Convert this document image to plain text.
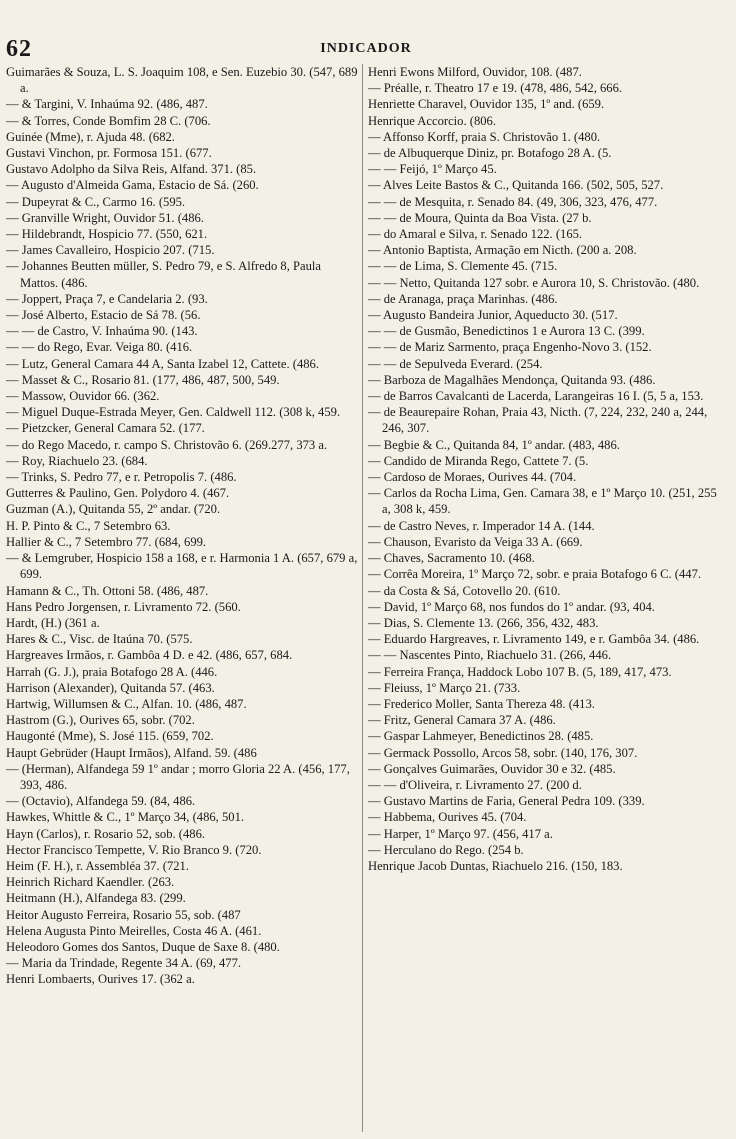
62	INDICADOR

Guimarães & Souza, L. S. Joaquim 108, e Sen. Euzebio 30. (547, 689 a.

— & Targini, V. Inhaúma 92. (486, 487.

— & Torres, Conde Bomfim 28 C. (706.

Guinée (Mme), r. Ajuda 48. (682.

Gustavi Vinchon, pr. Formosa 151. (677.

Gustavo Adolpho da Silva Reis, Alfand. 371. (85.

— Augusto d'Almeida Gama, Estacio de Sá. (260.

— Dupeyrat & C., Carmo 16. (595.

— Granville Wright, Ouvidor 51. (486.

— Hildebrandt, Hospicio 77. (550, 621.

— James Cavalleiro, Hospicio 207. (715.

— Johannes Beutten müller, S. Pedro 79, e S. Alfredo 8, Paula Mattos. (486.

— Joppert, Praça 7, e Candelaria 2. (93.

— José Alberto, Estacio de Sá 78. (56.

— — de Castro, V. Inhaúma 90. (143.

— — do Rego, Evar. Veiga 80. (416.

— Lutz, General Camara 44 A, Santa Izabel 12, Cattete. (486.

— Masset & C., Rosario 81. (177, 486, 487, 500, 549.

— Massow, Ouvidor 66. (362.

— Miguel Duque-Estrada Meyer, Gen. Caldwell 112. (308 k, 459.

— Pietzcker, General Camara 52. (177.

— do Rego Macedo, r. campo S. Christovão 6. (269.277, 373 a.

— Roy, Riachuelo 23. (684.

— Trinks, S. Pedro 77, e r. Petropolis 7. (486.

Gutterres & Paulino, Gen. Polydoro 4. (467.

Guzman (A.), Quitanda 55, 2º andar. (720.

H. P. Pinto & C., 7 Setembro 63.

Hallier & C., 7 Setembro 77. (684, 699.

— & Lemgruber, Hospicio 158 a 168, e r. Harmonia 1 A. (657, 679 a, 699.

Hamann & C., Th. Ottoni 58. (486, 487.

Hans Pedro Jorgensen, r. Livramento 72. (560.

Hardt, (H.) (361 a.

Hares & C., Visc. de Itaúna 70. (575.

Hargreaves Irmãos, r. Gambôa 4 D. e 42. (486, 657, 684.

Harrah (G. J.), praia Botafogo 28 A. (446.

Harrison (Alexander), Quitanda 57. (463.

Hartwig, Willumsen & C., Alfan. 10. (486, 487.

Hastrom (G.), Ourives 65, sobr. (702.

Haugonté (Mme), S. José 115. (659, 702.

Haupt Gebrüder (Haupt Irmãos), Alfand. 59. (486

— (Herman), Alfandega 59 1º andar ; morro Gloria 22 A. (456, 177, 393, 486.

— (Octavio), Alfandega 59. (84, 486.

Hawkes, Whittle & C., 1º Março 34, (486, 501.

Hayn (Carlos), r. Rosario 52, sob. (486.

Hector Francisco Tempette, V. Rio Branco 9. (720.

Heim (F. H.), r. Assembléa 37. (721.

Heinrich Richard Kaendler. (263.

Heitmann (H.), Alfandega 83. (299.

Heitor Augusto Ferreira, Rosario 55, sob. (487

Helena Augusta Pinto Meirelles, Costa 46 A. (461.

Heleodoro Gomes dos Santos, Duque de Saxe 8. (480.

— Maria da Trindade, Regente 34 A. (69, 477.

Henri Lombaerts, Ourives 17. (362 a.

Henri Ewons Milford, Ouvidor, 108. (487.

— Préalle, r. Theatro 17 e 19. (478, 486, 542, 666.

Henriette Charavel, Ouvidor 135, 1º and. (659.

Henrique Accorcio. (806.

— Affonso Korff, praia S. Christovão 1. (480.

— de Albuquerque Diniz, pr. Botafogo 28 A. (5.

— — Feijó, 1º Março 45.

— Alves Leite Bastos & C., Quitanda 166. (502, 505, 527.

— — de Mesquita, r. Senado 84. (49, 306, 323, 476, 477.

— — de Moura, Quinta da Boa Vista. (27 b.

— do Amaral e Silva, r. Senado 122. (165.

— Antonio Baptista, Armação em Nicth. (200 a. 208.

— — de Lima, S. Clemente 45. (715.

— — Netto, Quitanda 127 sobr. e Aurora 10, S. Christovão. (480.

— de Aranaga, praça Marinhas. (486.

— Augusto Bandeira Junior, Aqueducto 30. (517.

— — de Gusmão, Benedictinos 1 e Aurora 13 C. (399.

— — de Mariz Sarmento, praça Engenho-Novo 3. (152.

— — de Sepulveda Everard. (254.

— Barboza de Magalhães Mendonça, Quitanda 93. (486.

— de Barros Cavalcanti de Lacerda, Larangeiras 16 I. (5, 5 a, 153.

— de Beaurepaire Rohan, Praia 43, Nicth. (7, 224, 232, 240 a, 244, 246, 307.

— Begbie & C., Quitanda 84, 1º andar. (483, 486.

— Candido de Miranda Rego, Cattete 7. (5.

— Cardoso de Moraes, Ourives 44. (704.

— Carlos da Rocha Lima, Gen. Camara 38, e 1º Março 10. (251, 255 a, 308 k, 459.

— de Castro Neves, r. Imperador 14 A. (144.

— Chauson, Evaristo da Veiga 33 A. (669.

— Chaves, Sacramento 10. (468.

— Corrêa Moreira, 1º Março 72, sobr. e praia Botafogo 6 C. (447.

— da Costa & Sá, Cotovello 20. (610.

— David, 1º Março 68, nos fundos do 1º andar. (93, 404.

— Dias, S. Clemente 13. (266, 356, 432, 483.

— Eduardo Hargreaves, r. Livramento 149, e r. Gambôa 34. (486.

— — Nascentes Pinto, Riachuelo 31. (266, 446.

— Ferreira França, Haddock Lobo 107 B. (5, 189, 417, 473.

— Fleiuss, 1º Março 21. (733.

— Frederico Moller, Santa Thereza 48. (413.

— Fritz, General Camara 37 A. (486.

— Gaspar Lahmeyer, Benedictinos 28. (485.

— Germack Possollo, Arcos 58, sobr. (140, 176, 307.

— Gonçalves Guimarães, Ouvidor 30 e 32. (485.

— — d'Oliveira, r. Livramento 27. (200 d.

— Gustavo Martins de Faria, General Pedra 109. (339.

— Habbema, Ourives 45. (704.

— Harper, 1º Março 97. (456, 417 a.

— Herculano do Rego. (254 b.

Henrique Jacob Duntas, Riachuelo 216. (150, 183.
